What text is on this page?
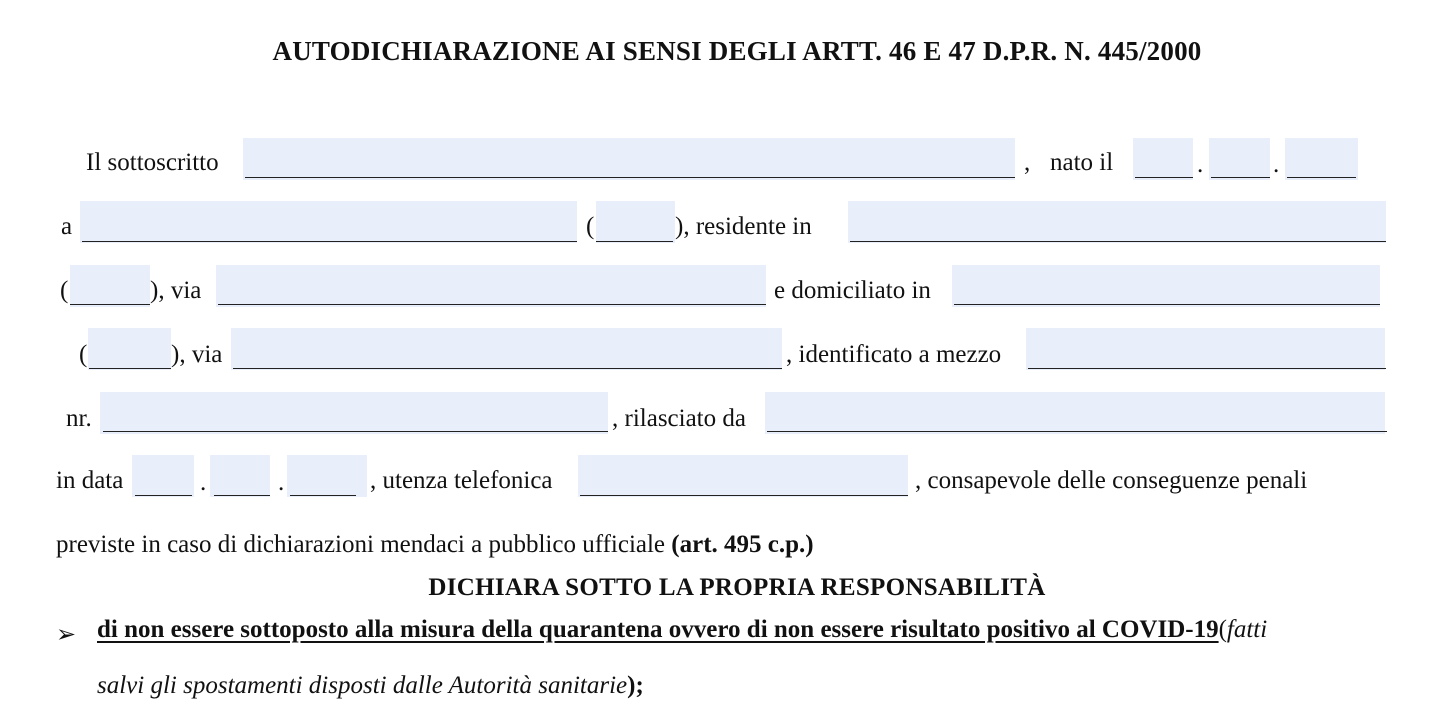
AUTODICHIARAZIONE AI SENSI DEGLI ARTT. 46 E 47 D.P.R. N. 445/2000
Il sottoscritto	, nato il	.	.
a	(	), residente in
(	), via	e domiciliato in
(	), via	, identificato a mezzo
nr.	, rilasciato da
in data	.	.	, utenza telefonica	, consapevole delle conseguenze penali
previste in caso di dichiarazioni mendaci a pubblico ufficiale (art. 495 c.p.)
DICHIARA SOTTO LA PROPRIA RESPONSABILITÀ
➢ di non essere sottoposto alla misura della quarantena ovvero di non essere risultato positivo al COVID-19(fatti
salvi gli spostamenti disposti dalle Autorità sanitarie);
